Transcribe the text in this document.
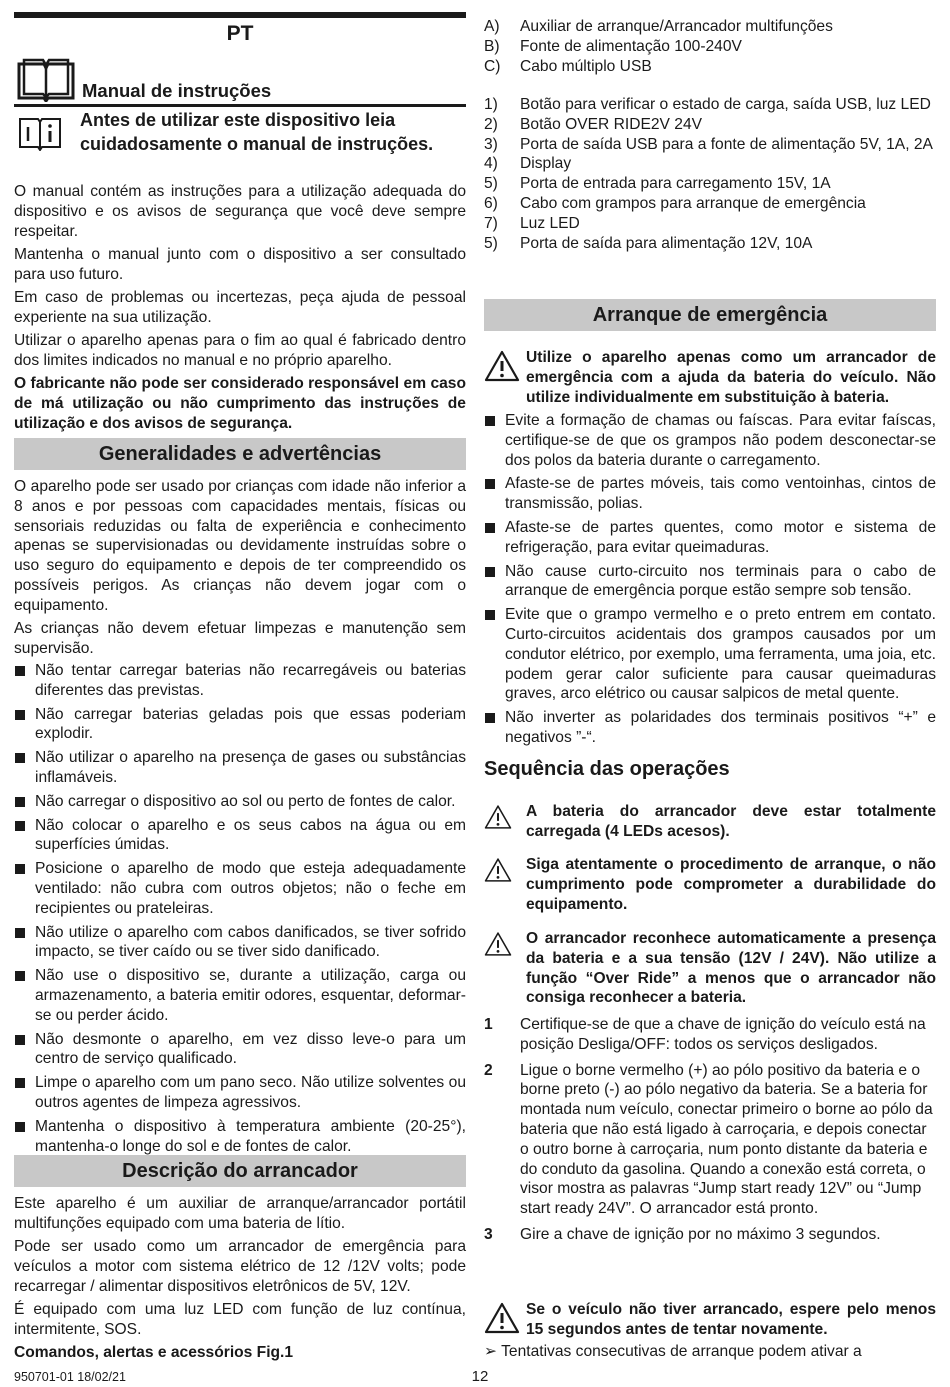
PT
Manual de instruções
Antes de utilizar este dispositivo leia cuidadosamente o manual de instruções.
O manual contém as instruções para a utilização adequada do dispositivo e os avisos de segurança que você deve sempre respeitar.
Mantenha o manual junto com o dispositivo a ser consultado para uso futuro.
Em caso de problemas ou incertezas, peça ajuda de pessoal experiente na sua utilização.
Utilizar o aparelho apenas para o fim ao qual é fabricado dentro dos limites indicados no manual e no próprio aparelho.
O fabricante não pode ser considerado responsável em caso de má utilização ou não cumprimento das instruções de utilização e dos avisos de segurança.
Generalidades e advertências
O aparelho pode ser usado por crianças com idade não inferior a 8 anos e por pessoas com capacidades mentais, físicas ou sensoriais reduzidas ou falta de experiência e conhecimento apenas se supervisionadas ou devidamente instruídas sobre o uso seguro do equipamento e depois de ter compreendido os possíveis perigos. As crianças não devem jogar com o equipamento.
As crianças não devem efetuar limpezas e manutenção sem supervisão.
Não tentar carregar baterias não recarregáveis ou baterias diferentes das previstas.
Não carregar baterias geladas pois que essas poderiam explodir.
Não utilizar o aparelho na presença de gases ou substâncias inflamáveis.
Não carregar o dispositivo ao sol ou perto de fontes de calor.
Não colocar o aparelho e os seus cabos na água ou em superfícies úmidas.
Posicione o aparelho de modo que esteja adequadamente ventilado: não cubra com outros objetos; não o feche em recipientes ou prateleiras.
Não utilize o aparelho com cabos danificados, se tiver sofrido impacto, se tiver caído ou se tiver sido danificado.
Não use o dispositivo se, durante a utilização, carga ou armazenamento, a bateria emitir odores, esquentar, deformar-se ou perder ácido.
Não desmonte o aparelho, em vez disso leve-o para um centro de serviço qualificado.
Limpe o aparelho com um pano seco. Não utilize solventes ou outros agentes de limpeza agressivos.
Mantenha o dispositivo à temperatura ambiente (20-25°), mantenha-o longe do sol e de fontes de calor.
Descrição do arrancador
Este aparelho é um auxiliar de arranque/arrancador portátil multifunções equipado com uma bateria de lítio.
Pode ser usado como um arrancador de emergência para veículos a motor com sistema elétrico de 12 /12V volts; pode recarregar / alimentar dispositivos eletrônicos de 5V, 12V.
É equipado com uma luz LED com função de luz contínua, intermitente, SOS.
Comandos, alertas e acessórios Fig.1
A) Auxiliar de arranque/Arrancador multifunções
B) Fonte de alimentação 100-240V
C) Cabo múltiplo USB
1) Botão para verificar o estado de carga, saída USB, luz LED
2) Botão OVER RIDE2V 24V
3) Porta de saída USB para a fonte de alimentação 5V, 1A, 2A
4) Display
5) Porta de entrada para carregamento 15V, 1A
6) Cabo com grampos para arranque de emergência
7) Luz LED
5) Porta de saída para alimentação 12V, 10A
Arranque de emergência
Utilize o aparelho apenas como um arrancador de emergência com a ajuda da bateria do veículo. Não utilize individualmente em substituição à bateria.
Evite a formação de chamas ou faíscas. Para evitar faíscas, certifique-se de que os grampos não podem desconectar-se dos polos da bateria durante o carregamento.
Afaste-se de partes móveis, tais como ventoinhas, cintos de transmissão, polias.
Afaste-se de partes quentes, como motor e sistema de refrigeração, para evitar queimaduras.
Não cause curto-circuito nos terminais para o cabo de arranque de emergência porque estão sempre sob tensão.
Evite que o grampo vermelho e o preto entrem em contato. Curto-circuitos acidentais dos grampos causados por um condutor elétrico, por exemplo, uma ferramenta, uma joia, etc. podem gerar calor suficiente para causar queimaduras graves, arco elétrico ou causar salpicos de metal quente.
Não inverter as polaridades dos terminais positivos “+” e negativos ”-“.
Sequência das operações
A bateria do arrancador deve estar totalmente carregada (4 LEDs acesos).
Siga atentamente o procedimento de arranque, o não cumprimento pode comprometer a durabilidade do equipamento.
O arrancador reconhece automaticamente a presença da bateria e a sua tensão (12V / 24V). Não utilize a função “Over Ride” a menos que o arrancador não consiga reconhecer a bateria.
1 Certifique-se de que a chave de ignição do veículo está na posição Desliga/OFF: todos os serviços desligados.
2 Ligue o borne vermelho (+) ao pólo positivo da bateria e o borne preto (-) ao pólo negativo da bateria. Se a bateria for montada num veículo, conectar primeiro o borne ao pólo da bateria que não está ligado à carroçaria, e depois conectar o outro borne à carroçaria, num ponto distante da bateria e do conduto da gasolina. Quando a conexão está correta, o visor mostra as palavras “Jump start ready 12V” ou “Jump start ready 24V”. O arrancador está pronto.
3 Gire a chave de ignição por no máximo 3 segundos.
Se o veículo não tiver arrancado, espere pelo menos 15 segundos antes de tentar novamente.
➢ Tentativas consecutivas de arranque podem ativar a
950701-01 18/02/21	12
